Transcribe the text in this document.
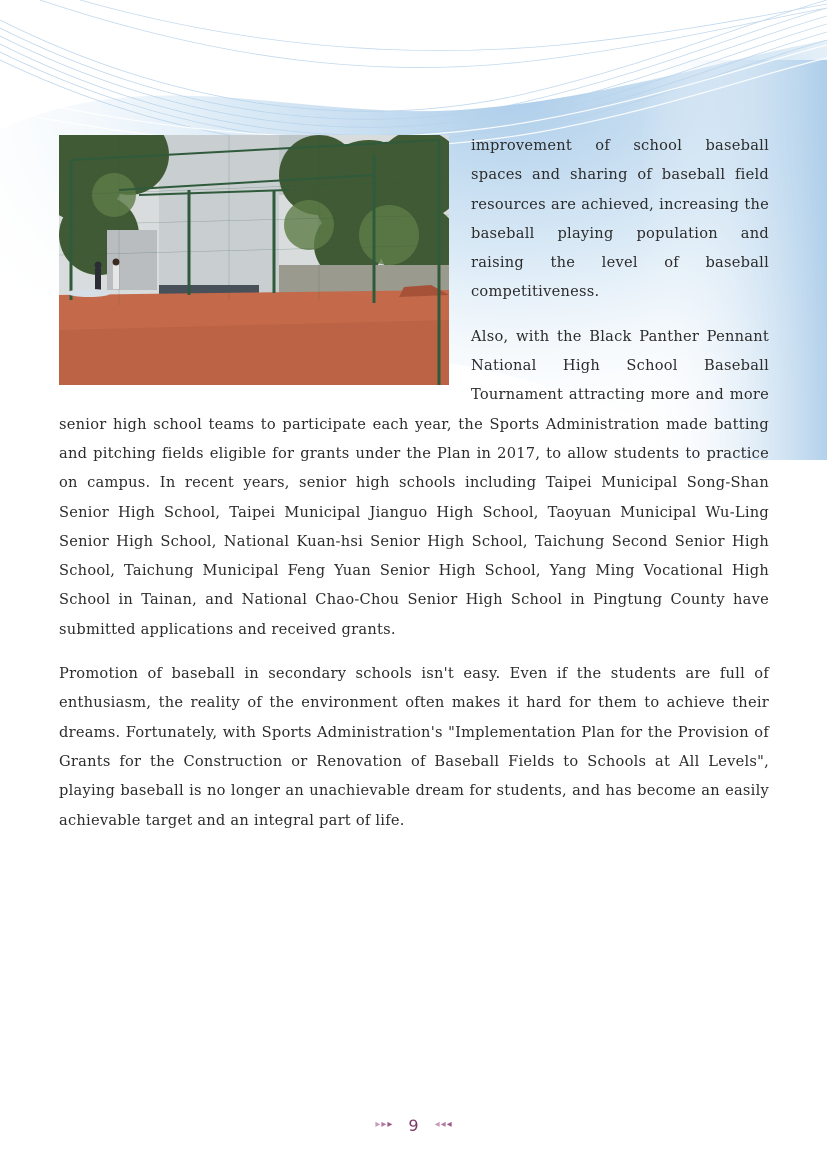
improvement of school baseball spaces and sharing of baseball field resources are achieved, increasing the baseball playing population and raising the level of baseball competitiveness.

Also, with the Black Panther Pennant National High School Baseball Tournament attracting more and more senior high school teams to participate each year, the Sports Administration made batting and pitching fields eligible for grants under the Plan in 2017, to allow students to practice on campus. In recent years, senior high schools including Taipei Municipal Song-Shan Senior High School, Taipei Municipal Jianguo High School, Taoyuan Municipal Wu-Ling Senior High School, National Kuan-hsi Senior High School, Taichung Second Senior High School, Taichung Municipal Feng Yuan Senior High School, Yang Ming Vocational High School in Tainan, and National Chao-Chou Senior High School in Pingtung County have submitted applications and received grants.

Promotion of baseball in secondary schools isn't easy. Even if the students are full of enthusiasm, the reality of the environment often makes it hard for them to achieve their dreams. Fortunately, with Sports Administration's "Implementation Plan for the Provision of Grants for the Construction or Renovation of Baseball Fields to Schools at All Levels", playing baseball is no longer an unachievable dream for students, and has become an easily achievable target and an integral part of life.

▸ ▸ ▸ 9 ◂ ◂ ◂
